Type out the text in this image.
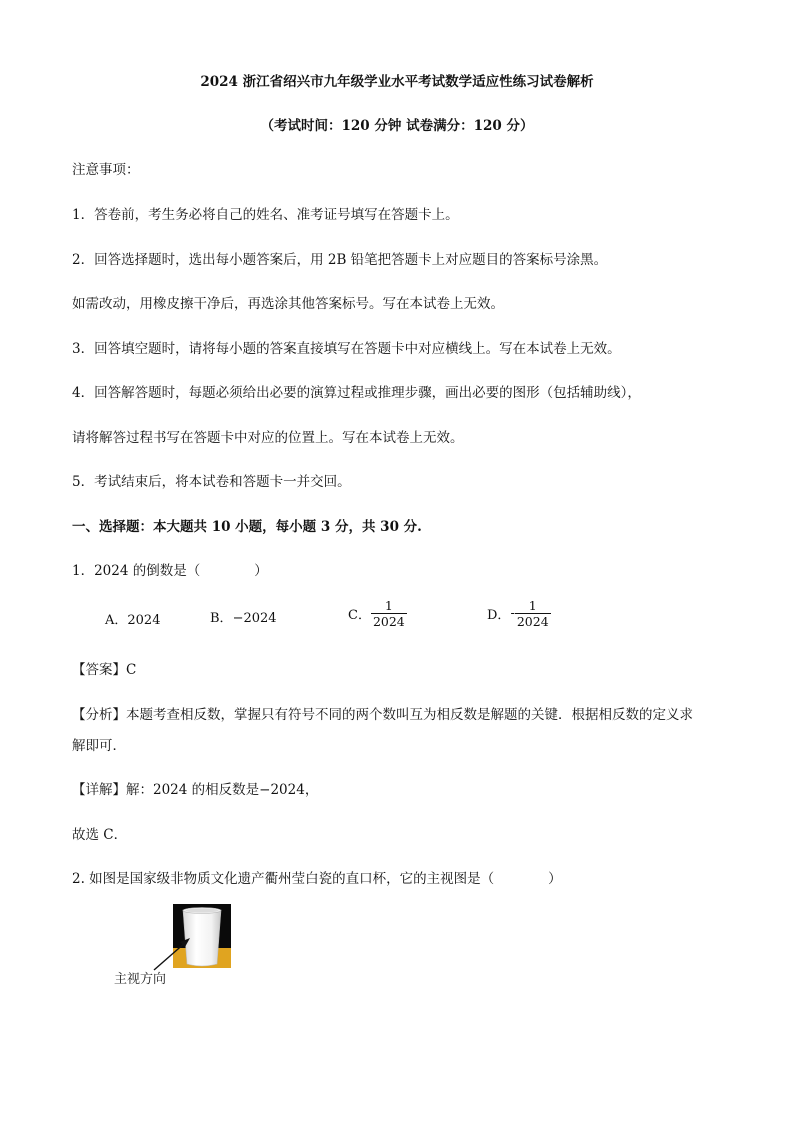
2024 浙江省绍兴市九年级学业水平考试数学适应性练习试卷解析
（考试时间：120 分钟 试卷满分：120 分）
注意事项：
1．答卷前，考生务必将自己的姓名、准考证号填写在答题卡上。
2．回答选择题时，选出每小题答案后，用 2B 铅笔把答题卡上对应题目的答案标号涂黑。
如需改动，用橡皮擦干净后，再选涂其他答案标号。写在本试卷上无效。
3．回答填空题时，请将每小题的答案直接填写在答题卡中对应横线上。写在本试卷上无效。
4．回答解答题时，每题必须给出必要的演算过程或推理步骤，画出必要的图形（包括辅助线），
请将解答过程书写在答题卡中对应的位置上。写在本试卷上无效。
5．考试结束后，将本试卷和答题卡一并交回。
一、选择题：本大题共 10 小题，每小题 3 分，共 30 分.
1．2024 的倒数是（　　　　）
A．2024	B．−2024	C． $\frac{1}{2024}$	D．- $\frac{1}{2024}$
【答案】C
【分析】本题考查相反数，掌握只有符号不同的两个数叫互为相反数是解题的关键．根据相反数的定义求
解即可．
【详解】解：2024 的相反数是−2024，
故选 C．
2. 如图是国家级非物质文化遗产衢州莹白瓷的直口杯，它的主视图是（　　　　）
主视方向
